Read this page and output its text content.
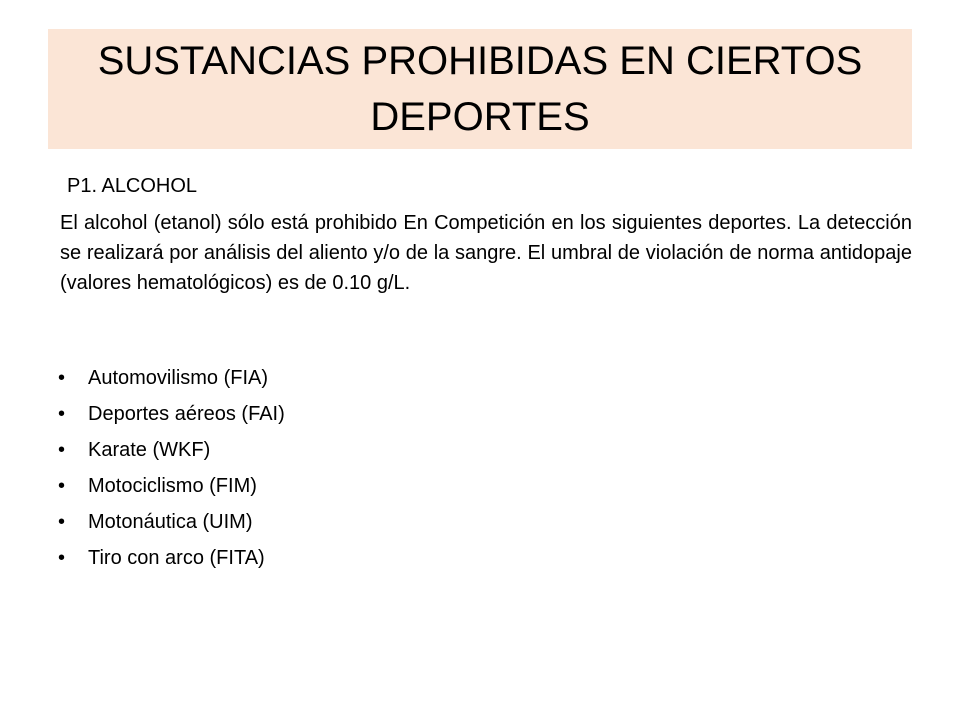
SUSTANCIAS PROHIBIDAS EN CIERTOS DEPORTES

P1. ALCOHOL

El alcohol (etanol) sólo está prohibido En Competición en los siguientes deportes. La detección se realizará por análisis del aliento y/o de la sangre. El umbral de violación de norma antidopaje (valores hematológicos) es de 0.10 g/L.

•	Automovilismo (FIA)
•	Deportes aéreos (FAI)
•	Karate (WKF)
•	Motociclismo (FIM)
•	Motonáutica (UIM)
•	Tiro con arco (FITA)
